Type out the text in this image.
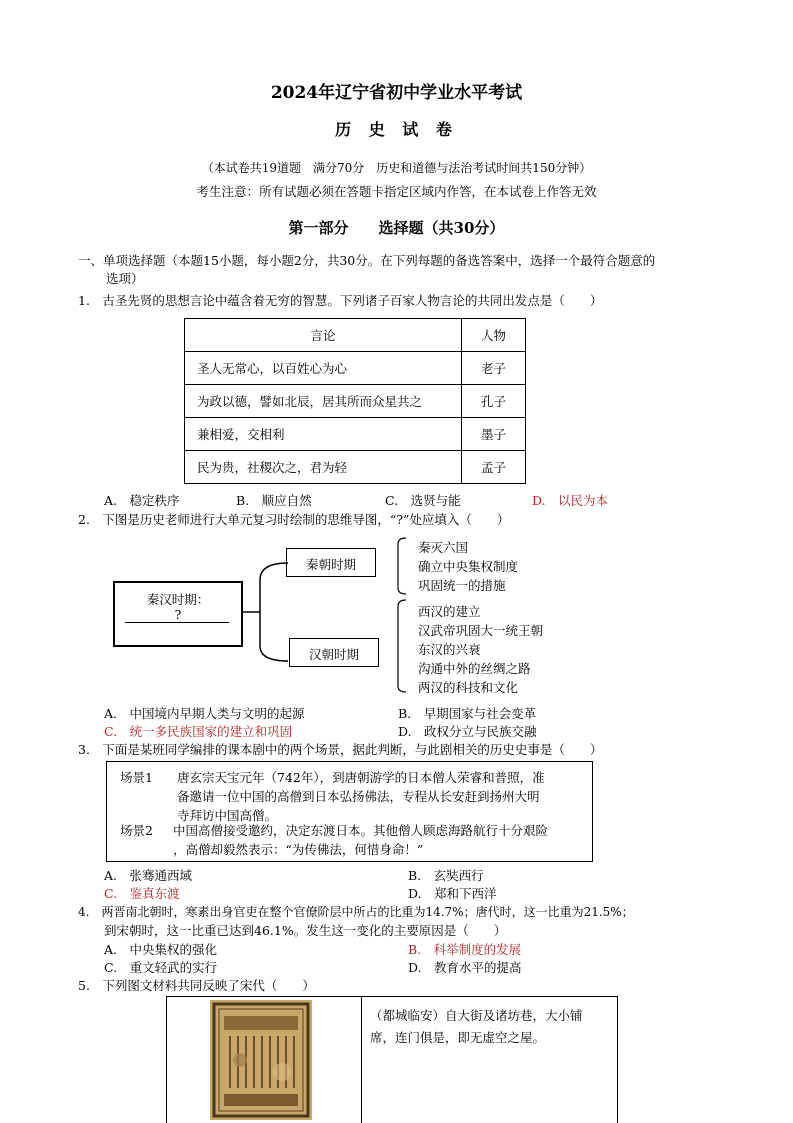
2024年辽宁省初中学业水平考试
历 史 试 卷
（本试卷共19道题　满分70分　历史和道德与法治考试时间共150分钟）
考生注意：所有试题必须在答题卡指定区域内作答，在本试卷上作答无效
第一部分　　选择题（共30分）
一、单项选择题（本题15小题，每小题2分，共30分。在下列每题的备选答案中，选择一个最符合题意的
选项）
1.　古圣先贤的思想言论中蕴含着无穷的智慧。下列诸子百家人物言论的共同出发点是（　　）
言论	人物
圣人无常心，以百姓心为心	老子
为政以德，譬如北辰，居其所而众星共之	孔子
兼相爱，交相利	墨子
民为贵，社稷次之，君为轻	孟子
A.　稳定秩序	B.　顺应自然	C.　选贤与能	D.　以民为本
2.　下图是历史老师进行大单元复习时绘制的思维导图，“?”处应填入（　　）
秦汉时期：
?
秦朝时期
汉朝时期
秦灭六国
确立中央集权制度
巩固统一的措施
西汉的建立
汉武帝巩固大一统王朝
东汉的兴衰
沟通中外的丝绸之路
两汉的科技和文化
A.　中国境内早期人类与文明的起源	B.　早期国家与社会变革
C.　统一多民族国家的建立和巩固	D.　政权分立与民族交融
3.　下面是某班同学编排的课本剧中的两个场景，据此判断，与此剧相关的历史史事是（　　）
场景1 唐玄宗天宝元年（742年），到唐朝游学的日本僧人荣睿和普照，准
备邀请一位中国的高僧到日本弘扬佛法，专程从长安赶到扬州大明
寺拜访中国高僧。
场景2 中国高僧接受邀约，决定东渡日本。其他僧人顾虑海路航行十分艰险
，高僧却毅然表示：“为传佛法，何惜身命！”
A.　张骞通西域	B.　玄奘西行
C.　鉴真东渡	D.　郑和下西洋
4.　两晋南北朝时，寒素出身官吏在整个官僚阶层中所占的比重为14.7%；唐代时，这一比重为21.5%；
到宋朝时，这一比重已达到46.1%。发生这一变化的主要原因是（　　）
A.　中央集权的强化	B.　科举制度的发展
C.　重文轻武的实行	D.　教育水平的提高
5.　下列图文材料共同反映了宋代（　　）
（都城临安）自大街及诸坊巷，大小铺
席，连门俱是，即无虚空之屋。
